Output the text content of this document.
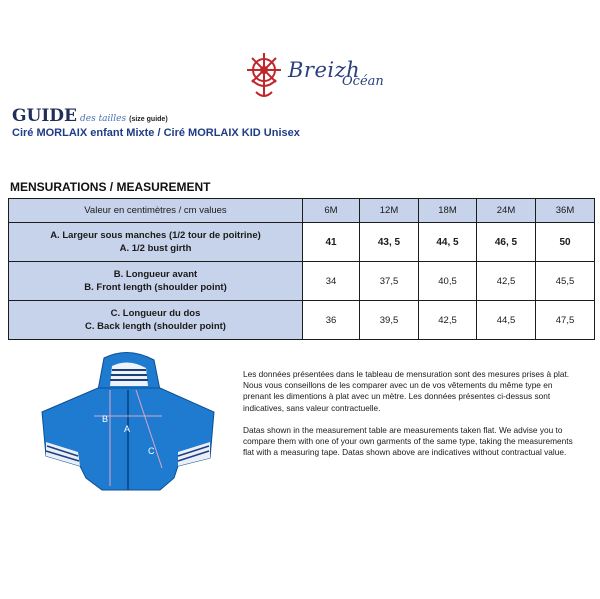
Breizh
Océan
GUIDE des tailles (size guide)
Ciré MORLAIX enfant Mixte / Ciré MORLAIX KID Unisex
MENSURATIONS / MEASUREMENT
Valeur en centimètres / cm values	6M	12M	18M	24M	36M

A. Largeur sous manches (1/2 tour de poitrine)
A. 1/2 bust girth	41	43, 5	44, 5	46, 5	50

B. Longueur avant
B. Front length (shoulder point)	34	37,5	40,5	42,5	45,5

C. Longueur du dos
C. Back length (shoulder point)	36	39,5	42,5	44,5	47,5
A
B
C

Les données présentées dans le tableau de mensuration sont des mesures prises à plat. Nous vous conseillons de les comparer avec un de vos vêtements du même type en prenant les dimentions à plat avec un mètre. Les données présentes ci-dessus sont indicatives, sans valeur contractuelle.

Datas shown in the measurement table are measurements taken flat. We advise you to compare them with one of your own garments of the same type, taking the measurements flat with a measuring tape. Datas shown above are indicatives without contractual value.
